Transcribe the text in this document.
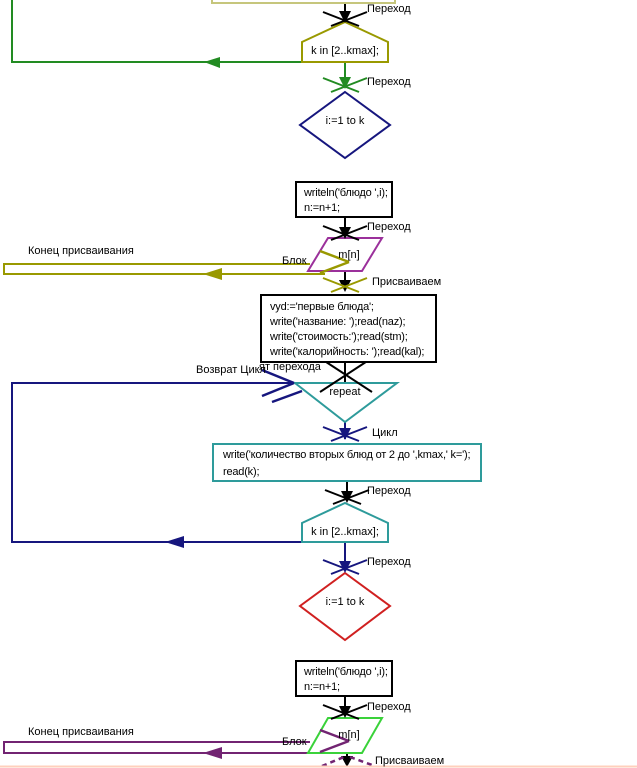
writeln('блюдо ',i);
n:=n+1;
vyd:='первые блюда';
write('название: ');read(naz);
write('стоимость:');read(stm);
write('калорийность: ');read(kal);
write('количество вторых блюд от 2 до ',kmax,' k=');
read(k);
writeln('блюдо ',i);
n:=n+1;
k in [2..kmax];
i:=1 to k
m[n]
repeat
k in [2..kmax];
i:=1 to k
m[n]
Переход
Переход
Переход
Конец присваивания
Блок
Присваиваем
Возврат Цикл
ят перехода
Цикл
Переход
Переход
Переход
Конец присваивания
Блок
Присваиваем
